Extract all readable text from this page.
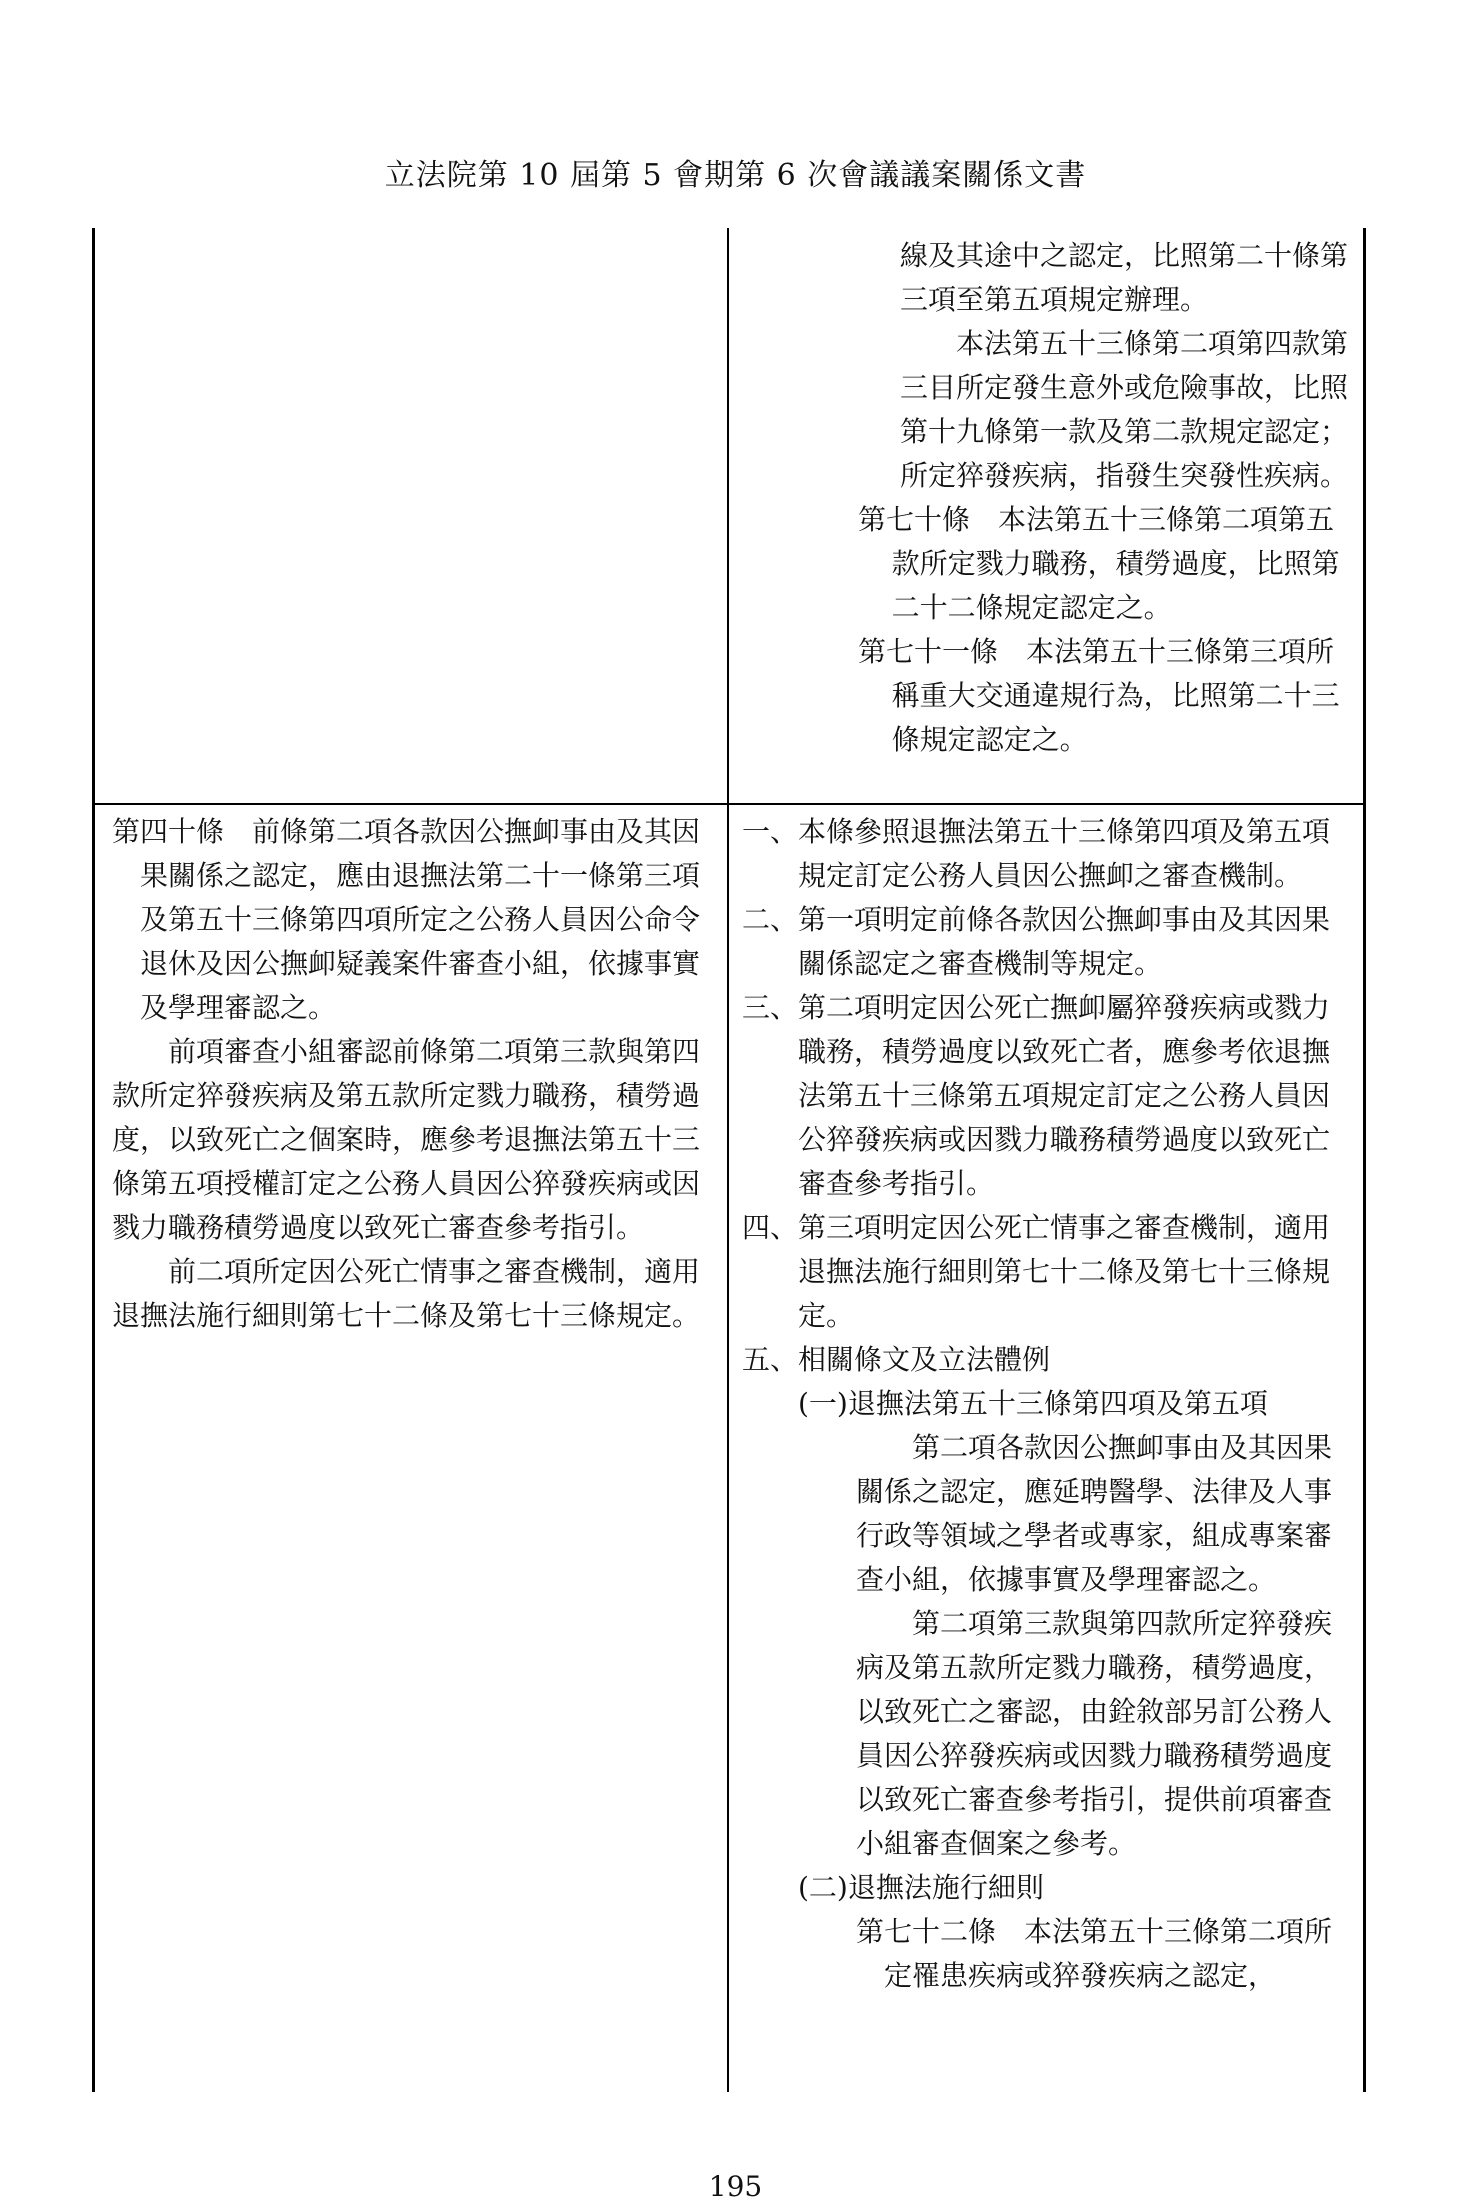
立法院第 10 屆第 5 會期第 6 次會議議案關係文書

線及其途中之認定，比照第二十條第三項至第五項規定辦理。

本法第五十三條第二項第四款第三目所定發生意外或危險事故，比照第十九條第一款及第二款規定認定；所定猝發疾病，指發生突發性疾病。

第七十條　本法第五十三條第二項第五款所定戮力職務，積勞過度，比照第二十二條規定認定之。

第七十一條　本法第五十三條第三項所稱重大交通違規行為，比照第二十三條規定認定之。

第四十條　前條第二項各款因公撫卹事由及其因果關係之認定，應由退撫法第二十一條第三項及第五十三條第四項所定之公務人員因公命令退休及因公撫卹疑義案件審查小組，依據事實及學理審認之。

前項審查小組審認前條第二項第三款與第四款所定猝發疾病及第五款所定戮力職務，積勞過度，以致死亡之個案時，應參考退撫法第五十三條第五項授權訂定之公務人員因公猝發疾病或因戮力職務積勞過度以致死亡審查參考指引。

前二項所定因公死亡情事之審查機制，適用退撫法施行細則第七十二條及第七十三條規定。

一、本條參照退撫法第五十三條第四項及第五項規定訂定公務人員因公撫卹之審查機制。
二、第一項明定前條各款因公撫卹事由及其因果關係認定之審查機制等規定。
三、第二項明定因公死亡撫卹屬猝發疾病或戮力職務，積勞過度以致死亡者，應參考依退撫法第五十三條第五項規定訂定之公務人員因公猝發疾病或因戮力職務積勞過度以致死亡審查參考指引。
四、第三項明定因公死亡情事之審查機制，適用退撫法施行細則第七十二條及第七十三條規定。
五、相關條文及立法體例

(一)退撫法第五十三條第四項及第五項

第二項各款因公撫卹事由及其因果關係之認定，應延聘醫學、法律及人事行政等領域之學者或專家，組成專案審查小組，依據事實及學理審認之。

第二項第三款與第四款所定猝發疾病及第五款所定戮力職務，積勞過度，以致死亡之審認，由銓敘部另訂公務人員因公猝發疾病或因戮力職務積勞過度以致死亡審查參考指引，提供前項審查小組審查個案之參考。

(二)退撫法施行細則

第七十二條　本法第五十三條第二項所定罹患疾病或猝發疾病之認定，

195
